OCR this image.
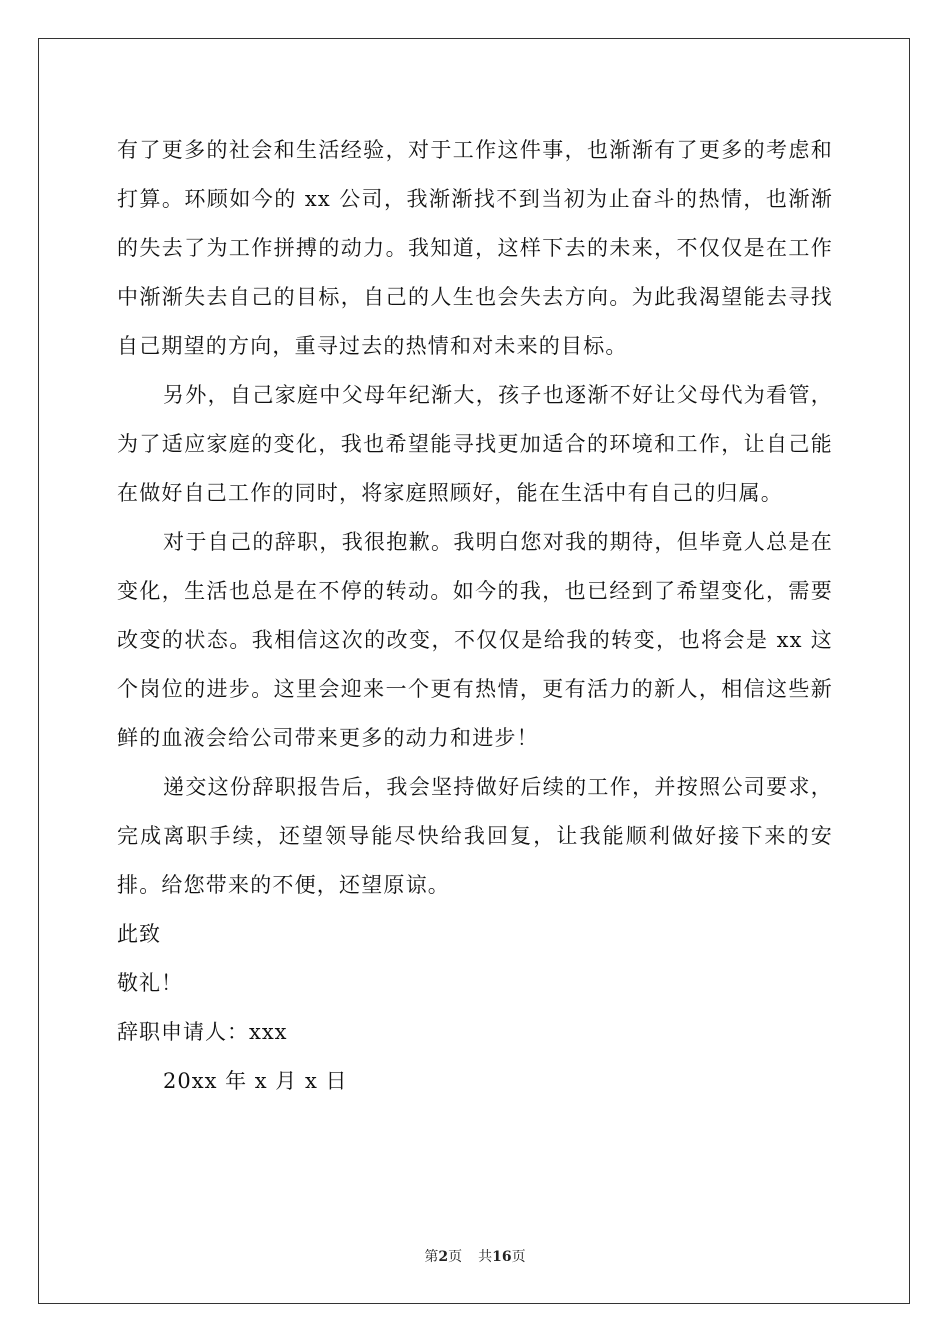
有了更多的社会和生活经验，对于工作这件事，也渐渐有了更多的考虑和打算。环顾如今的 xx 公司，我渐渐找不到当初为止奋斗的热情，也渐渐的失去了为工作拼搏的动力。我知道，这样下去的未来，不仅仅是在工作中渐渐失去自己的目标，自己的人生也会失去方向。为此我渴望能去寻找自己期望的方向，重寻过去的热情和对未来的目标。

另外，自己家庭中父母年纪渐大，孩子也逐渐不好让父母代为看管，为了适应家庭的变化，我也希望能寻找更加适合的环境和工作，让自己能在做好自己工作的同时，将家庭照顾好，能在生活中有自己的归属。

对于自己的辞职，我很抱歉。我明白您对我的期待，但毕竟人总是在变化，生活也总是在不停的转动。如今的我，也已经到了希望变化，需要改变的状态。我相信这次的改变，不仅仅是给我的转变，也将会是 xx 这个岗位的进步。这里会迎来一个更有热情，更有活力的新人，相信这些新鲜的血液会给公司带来更多的动力和进步！

递交这份辞职报告后，我会坚持做好后续的工作，并按照公司要求，完成离职手续，还望领导能尽快给我回复，让我能顺利做好接下来的安排。给您带来的不便，还望原谅。

此致

敬礼！

辞职申请人：xxx

20xx 年 x 月 x 日

第2页 共16页
